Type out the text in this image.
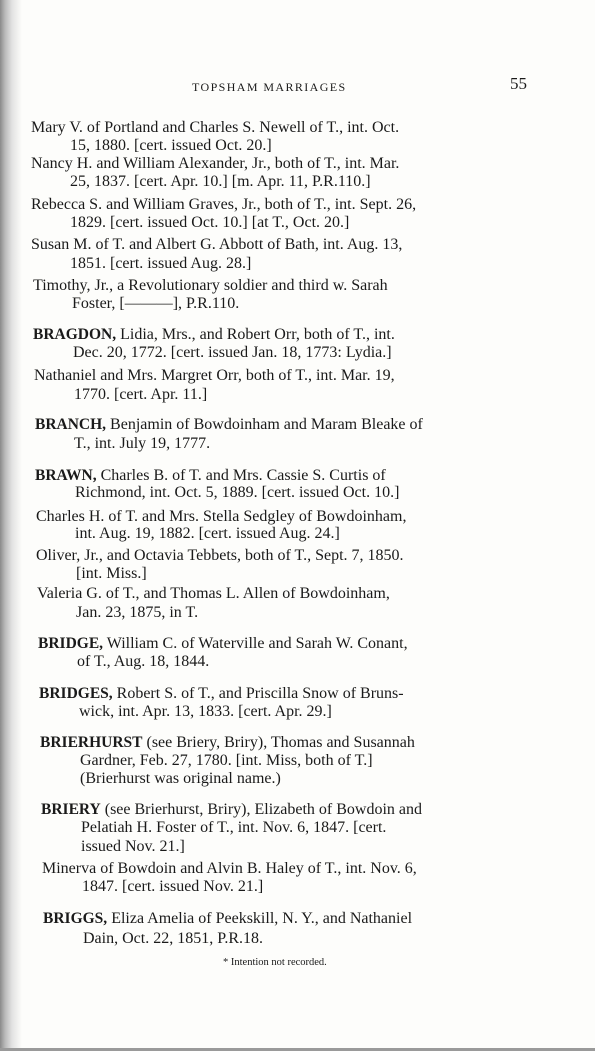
TOPSHAM MARRIAGES	55
Mary V. of Portland and Charles S. Newell of T., int. Oct.
15, 1880. [cert. issued Oct. 20.]
Nancy H. and William Alexander, Jr., both of T., int. Mar.
25, 1837. [cert. Apr. 10.] [m. Apr. 11, P.R.110.]
Rebecca S. and William Graves, Jr., both of T., int. Sept. 26,
1829. [cert. issued Oct. 10.] [at T., Oct. 20.]
Susan M. of T. and Albert G. Abbott of Bath, int. Aug. 13,
1851. [cert. issued Aug. 28.]
Timothy, Jr., a Revolutionary soldier and third w. Sarah
Foster, [———], P.R.110.
BRAGDON, Lidia, Mrs., and Robert Orr, both of T., int.
Dec. 20, 1772. [cert. issued Jan. 18, 1773: Lydia.]
Nathaniel and Mrs. Margret Orr, both of T., int. Mar. 19,
1770. [cert. Apr. 11.]
BRANCH, Benjamin of Bowdoinham and Maram Bleake of
T., int. July 19, 1777.
BRAWN, Charles B. of T. and Mrs. Cassie S. Curtis of
Richmond, int. Oct. 5, 1889. [cert. issued Oct. 10.]
Charles H. of T. and Mrs. Stella Sedgley of Bowdoinham,
int. Aug. 19, 1882. [cert. issued Aug. 24.]
Oliver, Jr., and Octavia Tebbets, both of T., Sept. 7, 1850.
[int. Miss.]
Valeria G. of T., and Thomas L. Allen of Bowdoinham,
Jan. 23, 1875, in T.
BRIDGE, William C. of Waterville and Sarah W. Conant,
of T., Aug. 18, 1844.
BRIDGES, Robert S. of T., and Priscilla Snow of Bruns-
wick, int. Apr. 13, 1833. [cert. Apr. 29.]
BRIERHURST (see Briery, Briry), Thomas and Susannah
Gardner, Feb. 27, 1780. [int. Miss, both of T.]
(Brierhurst was original name.)
BRIERY (see Brierhurst, Briry), Elizabeth of Bowdoin and
Pelatiah H. Foster of T., int. Nov. 6, 1847. [cert.
issued Nov. 21.]
Minerva of Bowdoin and Alvin B. Haley of T., int. Nov. 6,
1847. [cert. issued Nov. 21.]
BRIGGS, Eliza Amelia of Peekskill, N. Y., and Nathaniel
Dain, Oct. 22, 1851, P.R.18.
* Intention not recorded.
